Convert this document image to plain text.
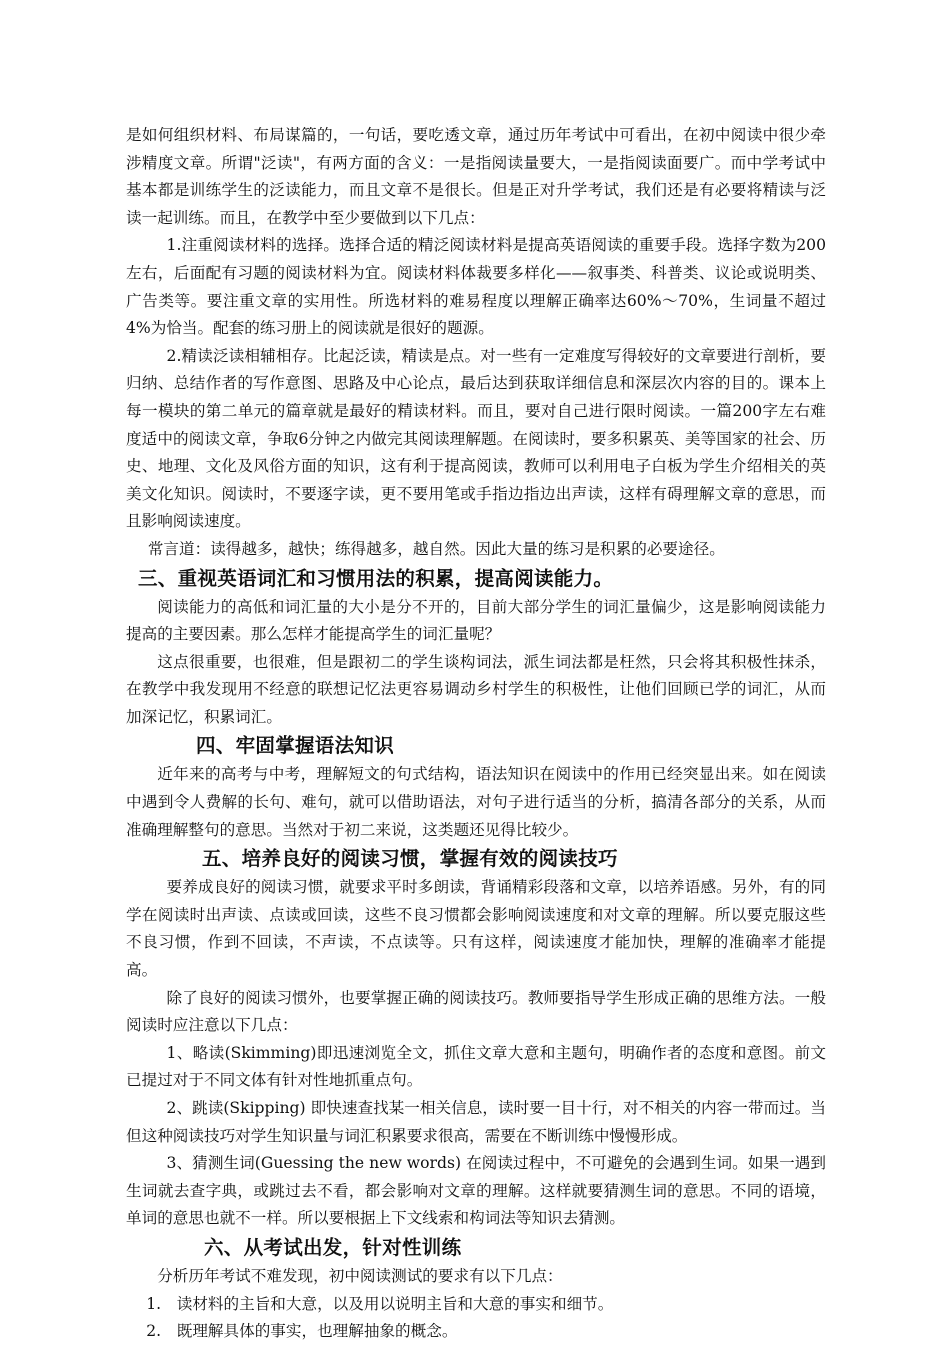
是如何组织材料、布局谋篇的，一句话，要吃透文章，通过历年考试中可看出，在初中阅读中很少牵涉精度文章。所谓"泛读"，有两方面的含义：一是指阅读量要大，一是指阅读面要广。而中学考试中基本都是训练学生的泛读能力，而且文章不是很长。但是正对升学考试，我们还是有必要将精读与泛读一起训练。而且，在教学中至少要做到以下几点：

1.注重阅读材料的选择。选择合适的精泛阅读材料是提高英语阅读的重要手段。选择字数为200左右，后面配有习题的阅读材料为宜。阅读材料体裁要多样化——叙事类、科普类、议论或说明类、广告类等。要注重文章的实用性。所选材料的难易程度以理解正确率达60%～70%，生词量不超过4%为恰当。配套的练习册上的阅读就是很好的题源。

2.精读泛读相辅相存。比起泛读，精读是点。对一些有一定难度写得较好的文章要进行剖析，要归纳、总结作者的写作意图、思路及中心论点，最后达到获取详细信息和深层次内容的目的。课本上每一模块的第二单元的篇章就是最好的精读材料。而且，要对自己进行限时阅读。一篇200字左右难度适中的阅读文章，争取6分钟之内做完其阅读理解题。在阅读时，要多积累英、美等国家的社会、历史、地理、文化及风俗方面的知识，这有利于提高阅读，教师可以利用电子白板为学生介绍相关的英美文化知识。阅读时，不要逐字读，更不要用笔或手指边指边出声读，这样有碍理解文章的意思，而且影响阅读速度。

常言道：读得越多，越快；练得越多，越自然。因此大量的练习是积累的必要途径。

三、重视英语词汇和习惯用法的积累，提高阅读能力。

阅读能力的高低和词汇量的大小是分不开的，目前大部分学生的词汇量偏少，这是影响阅读能力提高的主要因素。那么怎样才能提高学生的词汇量呢？

这点很重要，也很难，但是跟初二的学生谈构词法，派生词法都是枉然，只会将其积极性抹杀，在教学中我发现用不经意的联想记忆法更容易调动乡村学生的积极性，让他们回顾已学的词汇，从而加深记忆，积累词汇。

四、牢固掌握语法知识

近年来的高考与中考，理解短文的句式结构，语法知识在阅读中的作用已经突显出来。如在阅读中遇到令人费解的长句、难句，就可以借助语法，对句子进行适当的分析，搞清各部分的关系，从而准确理解整句的意思。当然对于初二来说，这类题还见得比较少。

五、培养良好的阅读习惯，掌握有效的阅读技巧

要养成良好的阅读习惯，就要求平时多朗读，背诵精彩段落和文章，以培养语感。另外，有的同学在阅读时出声读、点读或回读，这些不良习惯都会影响阅读速度和对文章的理解。所以要克服这些不良习惯，作到不回读，不声读，不点读等。只有这样，阅读速度才能加快，理解的准确率才能提高。

除了良好的阅读习惯外，也要掌握正确的阅读技巧。教师要指导学生形成正确的思维方法。一般阅读时应注意以下几点：

1、略读(Skimming)即迅速浏览全文，抓住文章大意和主题句，明确作者的态度和意图。前文已提过对于不同文体有针对性地抓重点句。

2、跳读(Skipping) 即快速查找某一相关信息，读时要一目十行，对不相关的内容一带而过。当但这种阅读技巧对学生知识量与词汇积累要求很高，需要在不断训练中慢慢形成。

3、猜测生词(Guessing the new words) 在阅读过程中，不可避免的会遇到生词。如果一遇到生词就去查字典，或跳过去不看，都会影响对文章的理解。这样就要猜测生词的意思。不同的语境，单词的意思也就不一样。所以要根据上下文线索和构词法等知识去猜测。

六、从考试出发，针对性训练

分析历年考试不难发现，初中阅读测试的要求有以下几点：

1.　读材料的主旨和大意，以及用以说明主旨和大意的事实和细节。

2.　既理解具体的事实，也理解抽象的概念。
